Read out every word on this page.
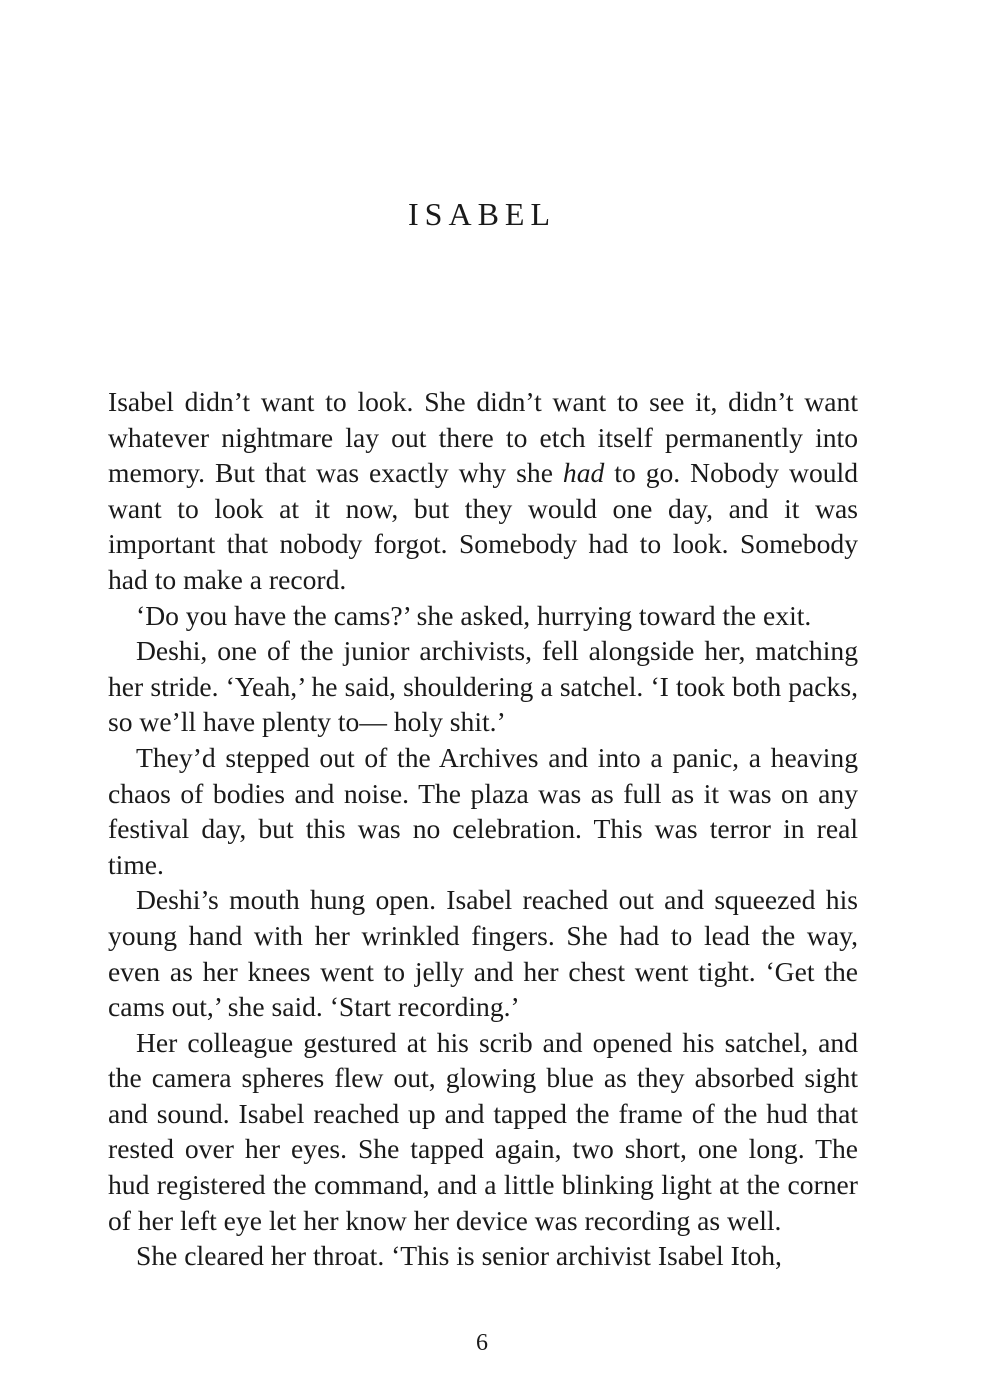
ISABEL

Isabel didn’t want to look. She didn’t want to see it, didn’t want whatever nightmare lay out there to etch itself permanently into memory. But that was exactly why she had to go. Nobody would want to look at it now, but they would one day, and it was important that nobody forgot. Somebody had to look. Somebody had to make a record.

‘Do you have the cams?’ she asked, hurrying toward the exit.

Deshi, one of the junior archivists, fell alongside her, matching her stride. ‘Yeah,’ he said, shouldering a satchel. ‘I took both packs, so we’ll have plenty to— holy shit.’

They’d stepped out of the Archives and into a panic, a heaving chaos of bodies and noise. The plaza was as full as it was on any festival day, but this was no celebration. This was terror in real time.

Deshi’s mouth hung open. Isabel reached out and squeezed his young hand with her wrinkled fingers. She had to lead the way, even as her knees went to jelly and her chest went tight. ‘Get the cams out,’ she said. ‘Start recording.’

Her colleague gestured at his scrib and opened his satchel, and the camera spheres flew out, glowing blue as they absorbed sight and sound. Isabel reached up and tapped the frame of the hud that rested over her eyes. She tapped again, two short, one long. The hud registered the command, and a little blinking light at the corner of her left eye let her know her device was recording as well.

She cleared her throat. ‘This is senior archivist Isabel Itoh,

6
